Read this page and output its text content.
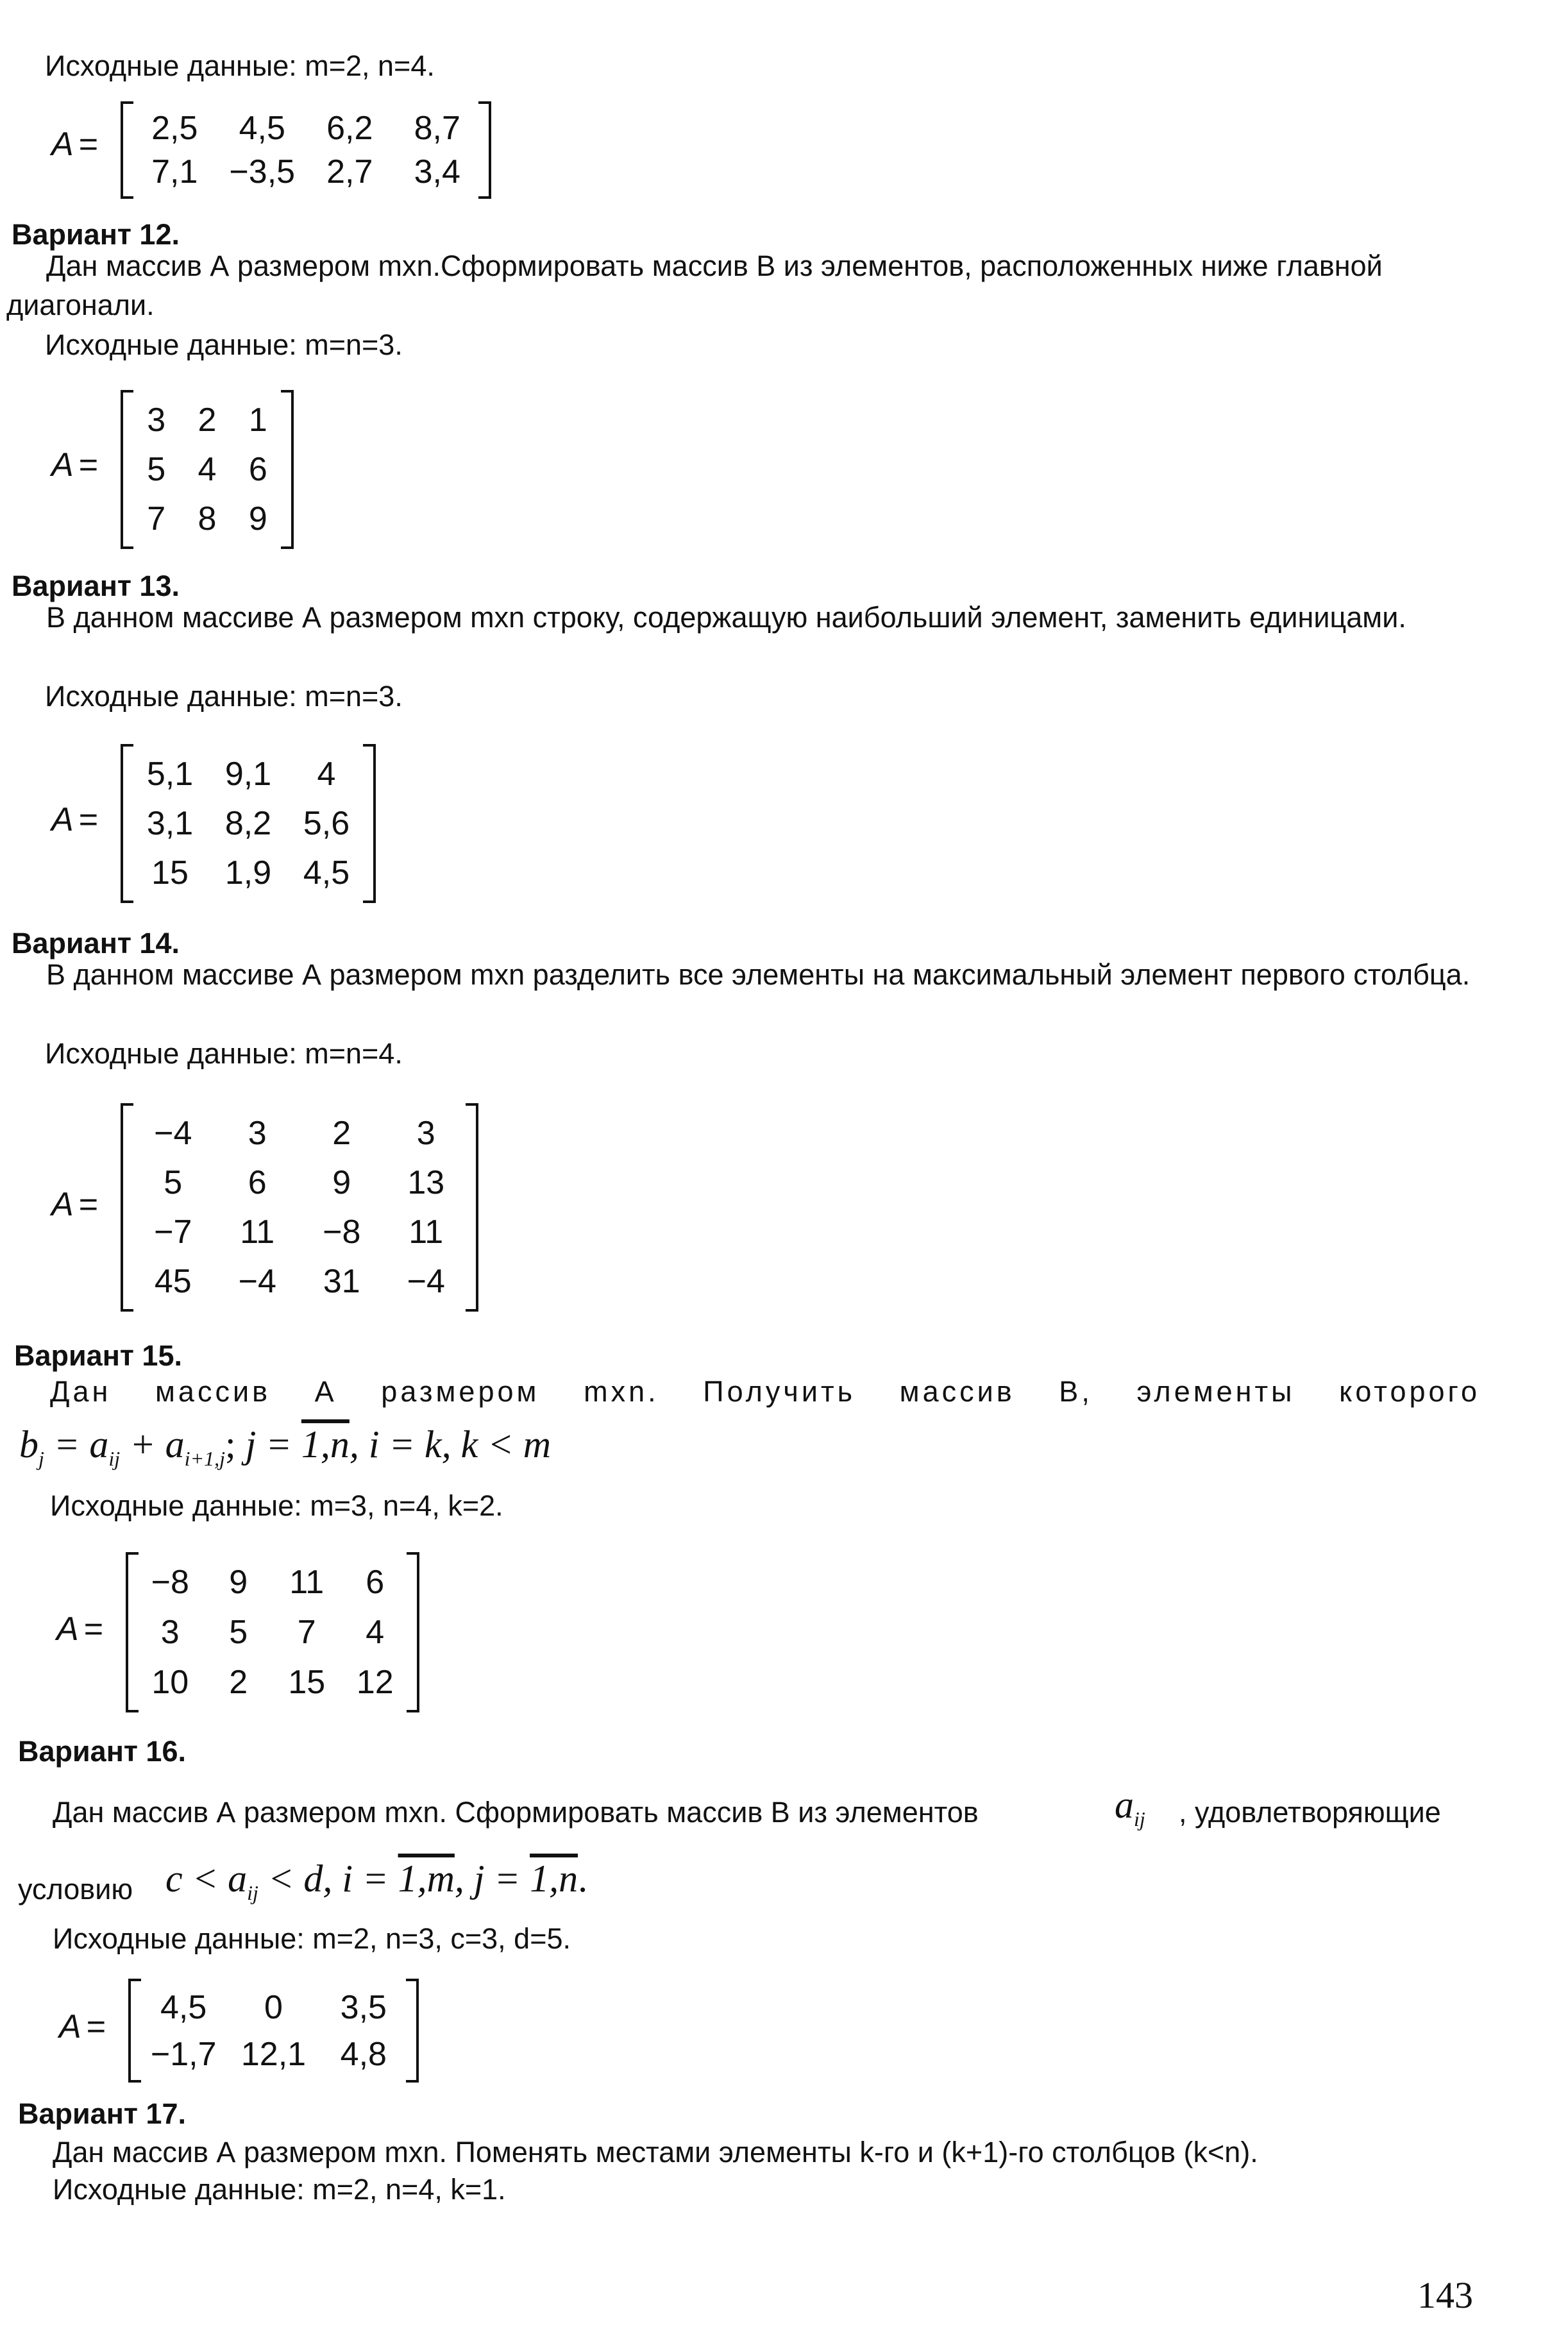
Исходные данные: m=2, n=4.
A =	2,5	4,5	6,2	8,7
7,1 −3,5 2,7	3,4
Вариант 12.
Дан массив А размером mxn.Сформировать массив В из элементов, расположенных ниже главной диагонали.
Исходные данные: m=n=3.
A =
3 2 1
5 4 6
7 8 9
Вариант 13.
В данном массиве А размером mxn строку, содержащую наибольший элемент, заменить единицами.
Исходные данные: m=n=3.
A =
5,1 9,1	4
3,1 8,2 5,6
15	1,9 4,5
Вариант 14.
В данном массиве А размером mxn разделить все элементы на максимальный элемент первого столбца.
Исходные данные: m=n=4.
A =
−4	3	2	3
5	6	9	13
−7	11	−8	11
45	−4	31	−4
Вариант 15.
Дан массив А размером mxn. Получить массив В, элементы которого
$b_j = a_{ij} + a_{i+1,j}$; j = 1,n, i = k, k < m
Исходные данные: m=3, n=4, k=2.
A =
−8	9	11	6
3	5	7	4
10	2	15 12
Вариант 16.
Дан массив А размером mxn. Сформировать массив В из элементов	$a_{ij}$ , удовлетворяющие
условию $c < a_{ij} < d$, i = 1,m, j = 1,n.
Исходные данные: m=2, n=3, c=3, d=5.
A =
4,5	0	3,5
−1,7 12,1	4,8
Вариант 17.
Дан массив А размером mxn. Поменять местами элементы k-го и (k+1)-го столбцов (k<n).
Исходные данные: m=2, n=4, k=1.
143
